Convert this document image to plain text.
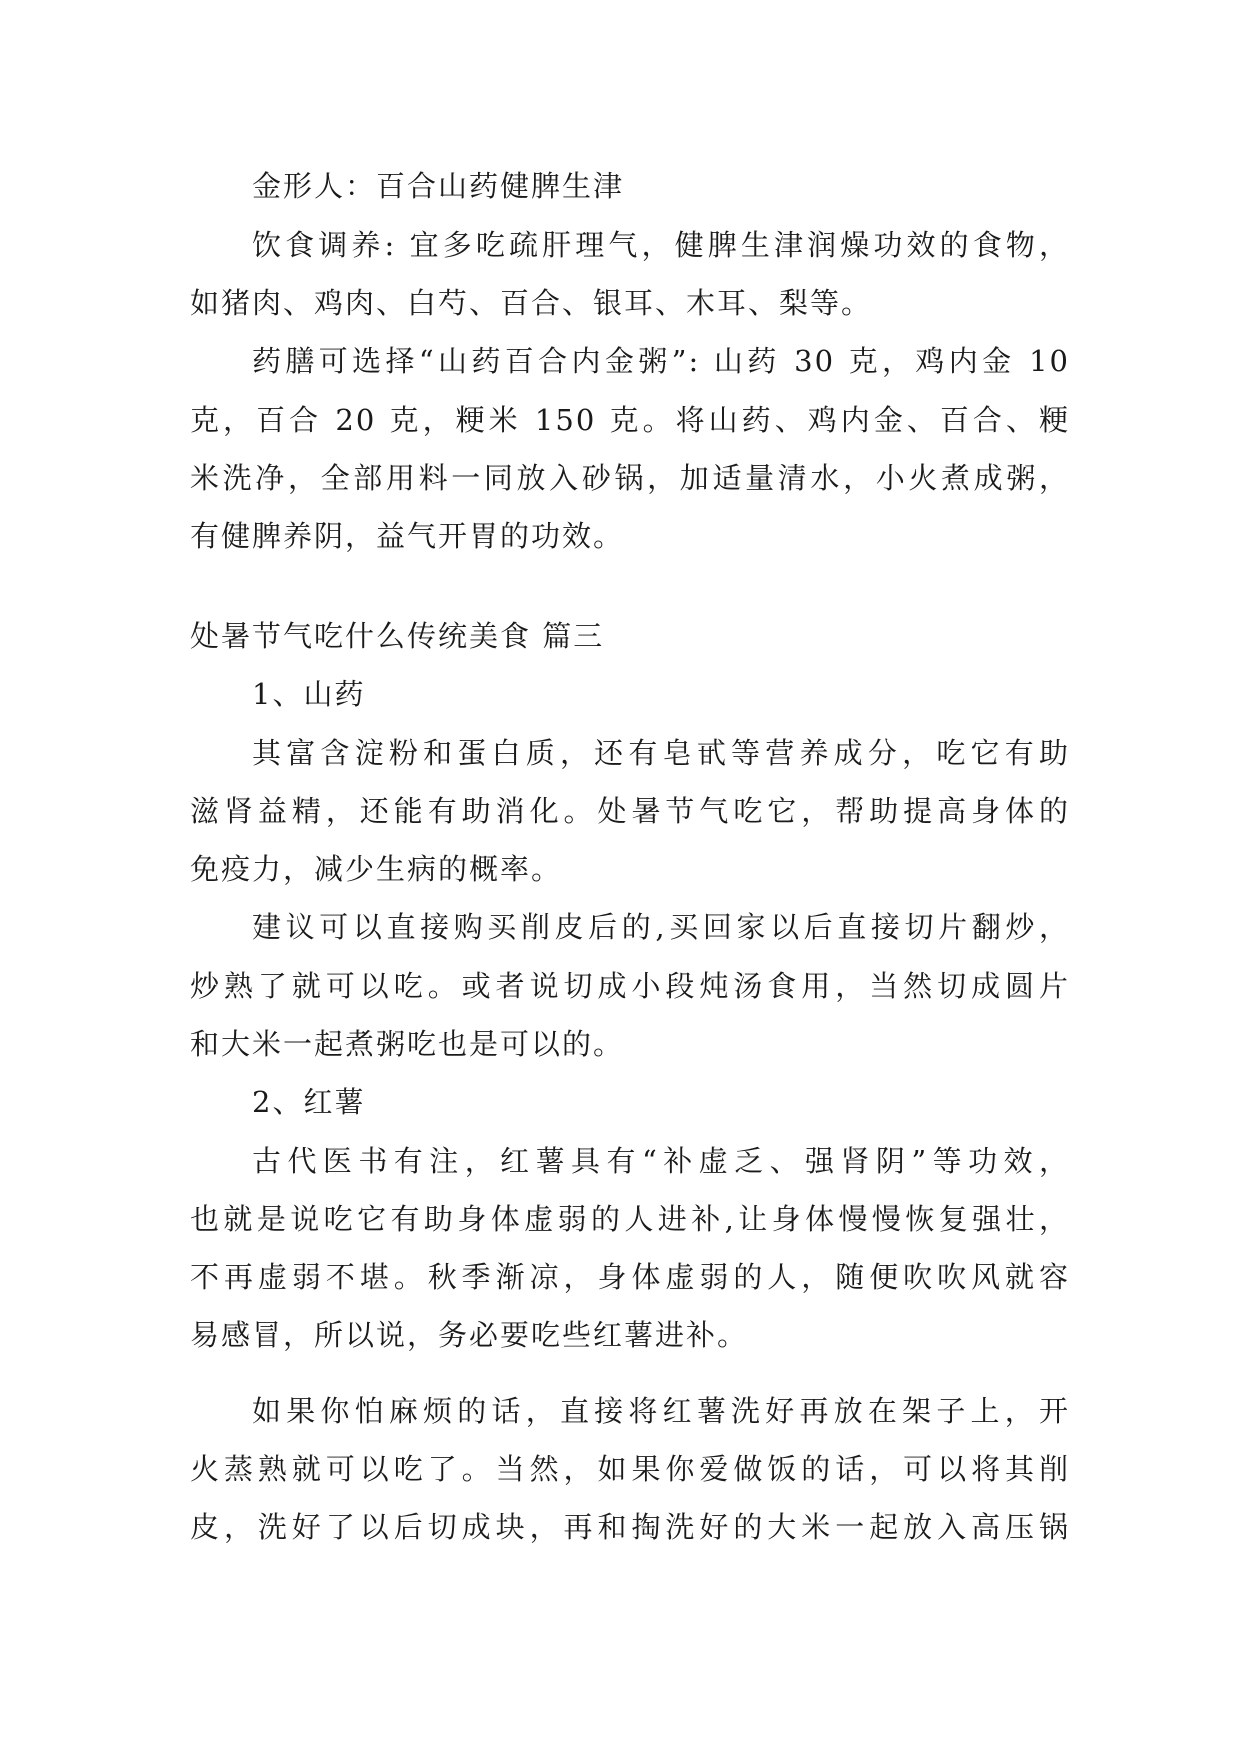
金形人：百合山药健脾生津
饮食调养: 宜多吃疏肝理气，健脾生津润燥功效的食物，
如猪肉、鸡肉、白芍、百合、银耳、木耳、梨等。
药膳可选择“山药百合内金粥”: 山药 30 克，鸡内金 10
克，百合 20 克，粳米 150 克。将山药、鸡内金、百合、粳
米洗净，全部用料一同放入砂锅，加适量清水，小火煮成粥，
有健脾养阴，益气开胃的功效。
处暑节气吃什么传统美食 篇三
1、山药
其富含淀粉和蛋白质，还有皂甙等营养成分，吃它有助
滋肾益精，还能有助消化。处暑节气吃它，帮助提高身体的
免疫力，减少生病的概率。
建议可以直接购买削皮后的,买回家以后直接切片翻炒，
炒熟了就可以吃。或者说切成小段炖汤食用，当然切成圆片
和大米一起煮粥吃也是可以的。
2、红薯
古代医书有注，红薯具有“补虚乏、强肾阴”等功效，
也就是说吃它有助身体虚弱的人进补,让身体慢慢恢复强壮，
不再虚弱不堪。秋季渐凉，身体虚弱的人，随便吹吹风就容
易感冒，所以说，务必要吃些红薯进补。
如果你怕麻烦的话，直接将红薯洗好再放在架子上，开
火蒸熟就可以吃了。当然，如果你爱做饭的话，可以将其削
皮，洗好了以后切成块，再和掏洗好的大米一起放入高压锅
